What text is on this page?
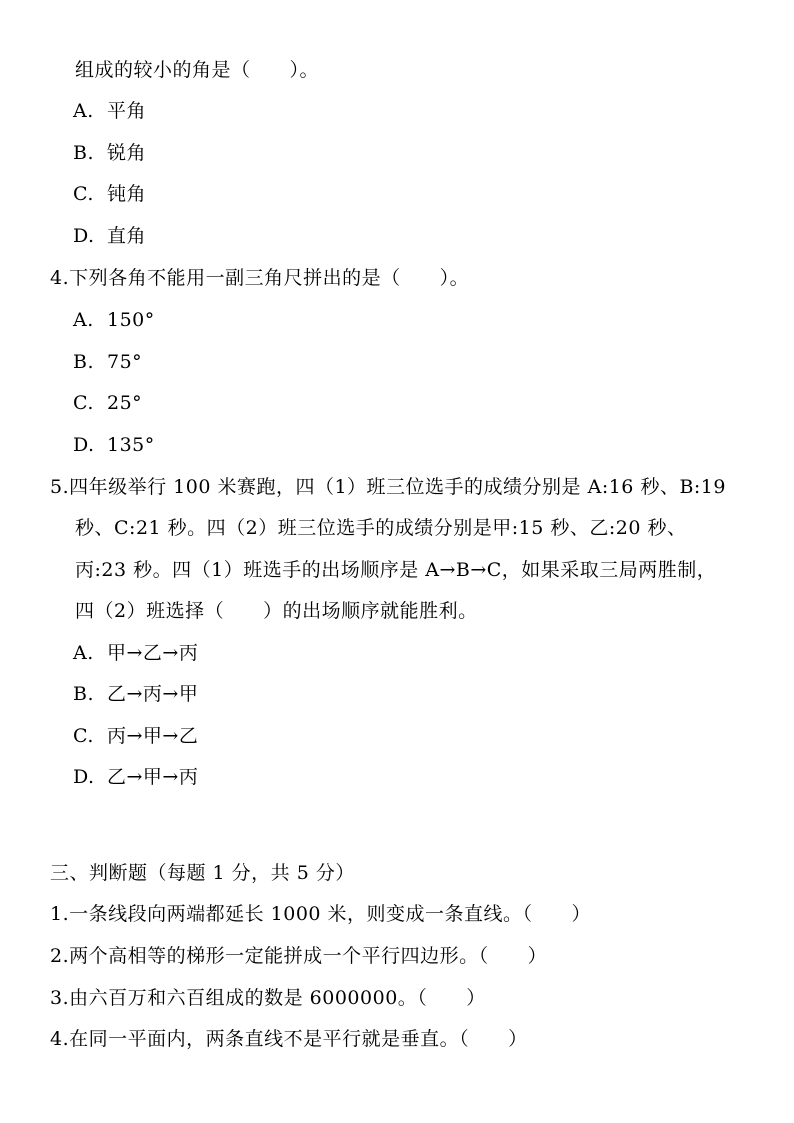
组成的较小的角是（　　）。
A. 平角
B. 锐角
C. 钝角
D. 直角
4.下列各角不能用一副三角尺拼出的是（　　）。
A. 150°
B. 75°
C. 25°
D. 135°
5.四年级举行 100 米赛跑，四（1）班三位选手的成绩分别是 A:16 秒、B:19
秒、C:21 秒。四（2）班三位选手的成绩分别是甲:15 秒、乙:20 秒、
丙:23 秒。四（1）班选手的出场顺序是 A→B→C，如果采取三局两胜制，
四（2）班选择（　　）的出场顺序就能胜利。
A. 甲→乙→丙
B. 乙→丙→甲
C. 丙→甲→乙
D. 乙→甲→丙
三、判断题（每题 1 分，共 5 分）
1.一条线段向两端都延长 1000 米，则变成一条直线。（　　）
2.两个高相等的梯形一定能拼成一个平行四边形。（　　）
3.由六百万和六百组成的数是 6000000。（　　）
4.在同一平面内，两条直线不是平行就是垂直。（　　）
